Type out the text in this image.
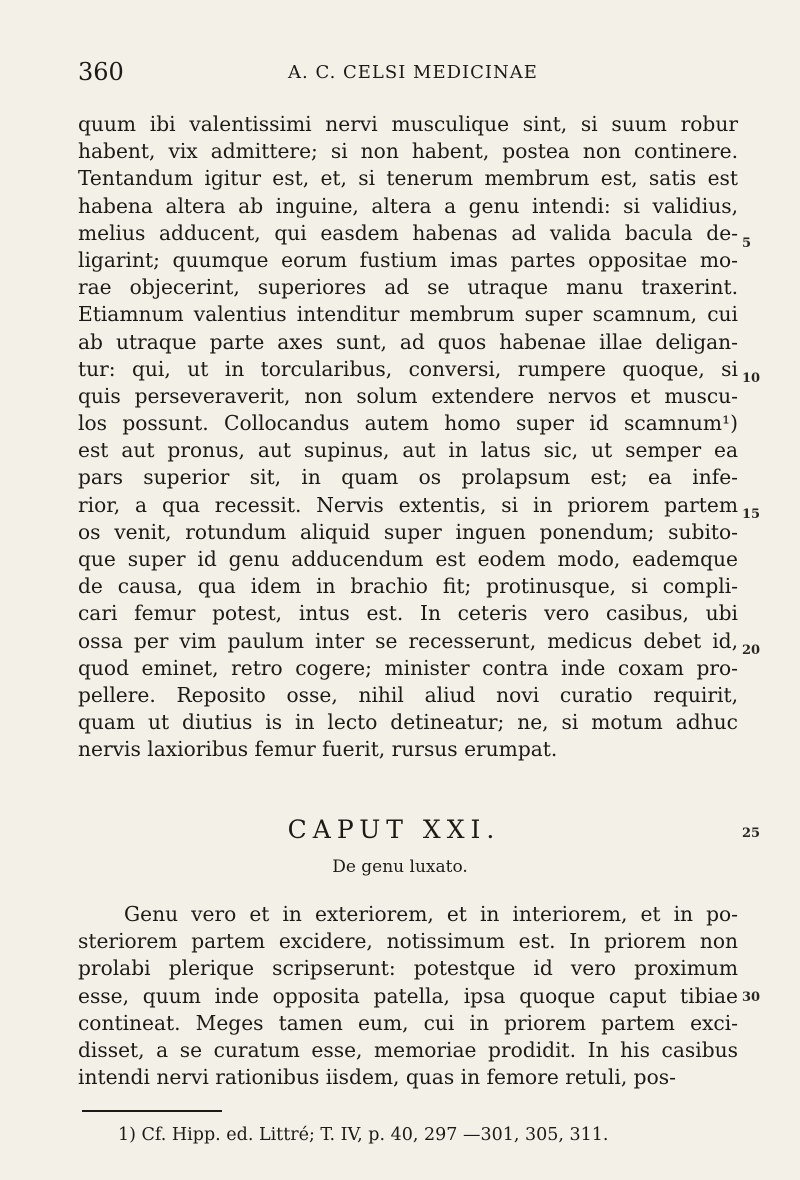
360	A. C. CELSI MEDICINAE
quum ibi valentissimi nervi musculique sint, si suum robur
habent, vix admittere; si non habent, postea non continere.
Tentandum igitur est, et, si tenerum membrum est, satis est
habena altera ab inguine, altera a genu intendi: si validius,
melius adducent, qui easdem habenas ad valida bacula de-
ligarint; quumque eorum fustium imas partes oppositae mo-
rae objecerint, superiores ad se utraque manu traxerint.
Etiamnum valentius intenditur membrum super scamnum, cui
ab utraque parte axes sunt, ad quos habenae illae deligan-
tur: qui, ut in torcularibus, conversi, rumpere quoque, si
quis perseveraverit, non solum extendere nervos et muscu-
los possunt. Collocandus autem homo super id scamnum¹)
est aut pronus, aut supinus, aut in latus sic, ut semper ea
pars superior sit, in quam os prolapsum est; ea infe-
rior, a qua recessit. Nervis extentis, si in priorem partem
os venit, rotundum aliquid super inguen ponendum; subito-
que super id genu adducendum est eodem modo, eademque
de causa, qua idem in brachio fit; protinusque, si compli-
cari femur potest, intus est. In ceteris vero casibus, ubi
ossa per vim paulum inter se recesserunt, medicus debet id,
quod eminet, retro cogere; minister contra inde coxam pro-
pellere. Reposito osse, nihil aliud novi curatio requirit,
quam ut diutius is in lecto detineatur; ne, si motum adhuc
nervis laxioribus femur fuerit, rursus erumpat.
CAPUT XXI.
De genu luxato.
Genu vero et in exteriorem, et in interiorem, et in po-
steriorem partem excidere, notissimum est. In priorem non
prolabi plerique scripserunt: potestque id vero proximum
esse, quum inde opposita patella, ipsa quoque caput tibiae
contineat. Meges tamen eum, cui in priorem partem exci-
disset, a se curatum esse, memoriae prodidit. In his casibus
intendi nervi rationibus iisdem, quas in femore retuli, pos-
5
10
15
20
25
30
1) Cf. Hipp. ed. Littré; T. IV, p. 40, 297 —301, 305, 311.
